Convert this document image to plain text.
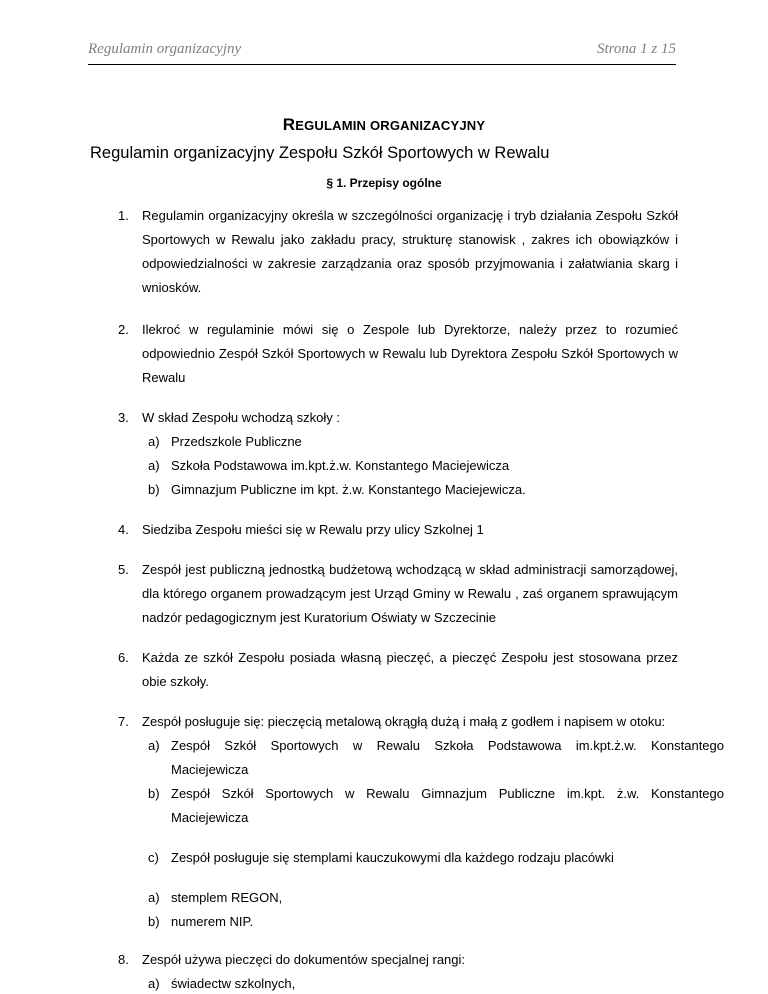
Regulamin organizacyjny	Strona 1 z 15
REGULAMIN ORGANIZACYJNY
Regulamin organizacyjny Zespołu Szkół Sportowych w Rewalu
§ 1. Przepisy ogólne
1. Regulamin organizacyjny określa w szczególności organizację i tryb działania Zespołu Szkół
Sportowych w Rewalu jako zakładu pracy, strukturę stanowisk , zakres ich obowiązków i
odpowiedzialności w zakresie zarządzania oraz sposób przyjmowania i załatwiania skarg i
wniosków.
2. Ilekroć w regulaminie mówi się o Zespole lub Dyrektorze, należy przez to rozumieć
odpowiednio Zespół Szkół Sportowych w Rewalu lub Dyrektora Zespołu Szkół Sportowych w
Rewalu
3. W skład Zespołu wchodzą szkoły :
a) Przedszkole Publiczne
a) Szkoła Podstawowa im.kpt.ż.w. Konstantego Maciejewicza
b) Gimnazjum Publiczne im kpt. ż.w. Konstantego Maciejewicza.
4. Siedziba Zespołu mieści się w Rewalu przy ulicy Szkolnej 1
5. Zespół jest publiczną jednostką budżetową wchodzącą w skład administracji samorządowej,
dla którego organem prowadzącym jest Urząd Gminy w Rewalu , zaś organem sprawującym
nadzór pedagogicznym jest Kuratorium Oświaty w Szczecinie
6. Każda ze szkół Zespołu posiada własną pieczęć, a pieczęć Zespołu jest stosowana przez
obie szkoły.
7. Zespół posługuje się: pieczęcią metalową okrągłą dużą i małą z godłem i napisem w otoku:
a) Zespół Szkół Sportowych w Rewalu Szkoła Podstawowa im.kpt.ż.w. Konstantego
Maciejewicza
b) Zespół Szkół Sportowych w Rewalu Gimnazjum Publiczne im.kpt. ż.w. Konstantego
Maciejewicza
c) Zespół posługuje się stemplami kauczukowymi dla każdego rodzaju placówki
a) stemplem REGON,
b) numerem NIP.
8. Zespół używa pieczęci do dokumentów specjalnej rangi:
a) świadectw szkolnych,
